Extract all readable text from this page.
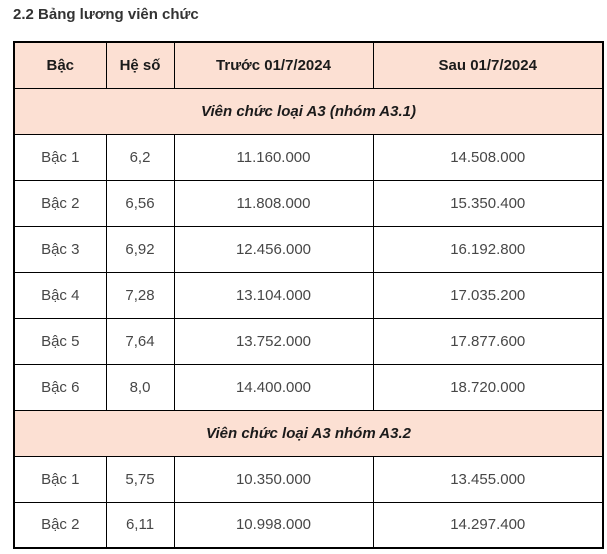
2.2 Bảng lương viên chức
Bậc	Hệ số	Trước 01/7/2024	Sau 01/7/2024
Viên chức loại A3 (nhóm A3.1)			
Bậc 1	6,2	11.160.000	14.508.000
Bậc 2	6,56	11.808.000	15.350.400
Bậc 3	6,92	12.456.000	16.192.800
Bậc 4	7,28	13.104.000	17.035.200
Bậc 5	7,64	13.752.000	17.877.600
Bậc 6	8,0	14.400.000	18.720.000
Viên chức loại A3 nhóm A3.2			
Bậc 1	5,75	10.350.000	13.455.000
Bậc 2	6,11	10.998.000	14.297.400
